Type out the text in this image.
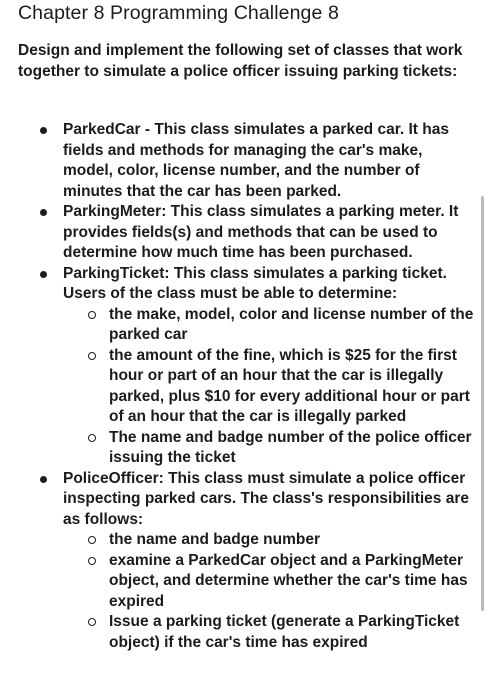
Chapter 8 Programming Challenge 8

Design and implement the following set of classes that work together to simulate a police officer issuing parking tickets:

ParkedCar - This class simulates a parked car. It has fields and methods for managing the car's make, model, color, license number, and the number of minutes that the car has been parked.
ParkingMeter: This class simulates a parking meter. It provides fields(s) and methods that can be used to determine how much time has been purchased.
ParkingTicket: This class simulates a parking ticket. Users of the class must be able to determine:
the make, model, color and license number of the parked car
the amount of the fine, which is $25 for the first hour or part of an hour that the car is illegally parked, plus $10 for every additional hour or part of an hour that the car is illegally parked
The name and badge number of the police officer issuing the ticket
PoliceOfficer: This class must simulate a police officer inspecting parked cars. The class's responsibilities are as follows:
the name and badge number
examine a ParkedCar object and a ParkingMeter object, and determine whether the car's time has expired
Issue a parking ticket (generate a ParkingTicket object) if the car's time has expired
